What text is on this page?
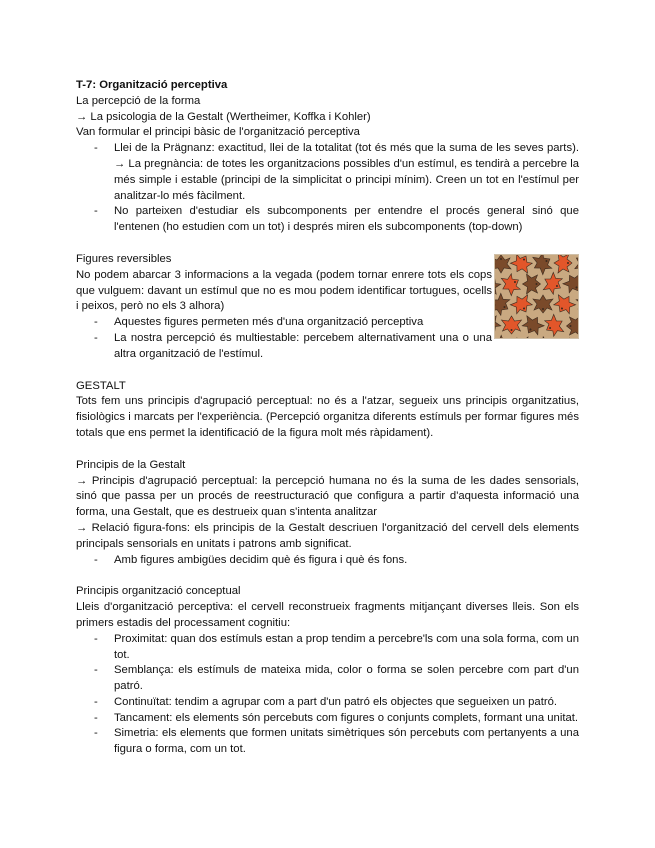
T-7: Organització perceptiva

La percepció de la forma

→ La psicologia de la Gestalt (Wertheimer, Koffka i Kohler)

Van formular el principi bàsic de l'organització perceptiva

- Llei de la Prägnanz: exactitud, llei de la totalitat (tot és més que la suma de les seves parts). → La pregnància: de totes les organitzacions possibles d'un estímul, es tendirà a percebre la més simple i estable (principi de la simplicitat o principi mínim). Creen un tot en l'estímul per analitzar-lo més fàcilment.
- No parteixen d'estudiar els subcomponents per entendre el procés general sinó que l'entenen (ho estudien com un tot) i després miren els subcomponents (top-down)

Figures reversibles

No podem abarcar 3 informacions a la vegada (podem tornar enrere tots els cops que vulguem: davant un estímul que no es mou podem identificar tortugues, ocells i peixos, però no els 3 alhora)

- Aquestes figures permeten més d'una organització perceptiva
- La nostra percepció és multiestable: percebem alternativament una o una altra organització de l'estímul.

GESTALT

Tots fem uns principis d'agrupació perceptual: no és a l'atzar, segueix uns principis organitzatius, fisiològics i marcats per l'experiència. (Percepció organitza diferents estímuls per formar figures més totals que ens permet la identificació de la figura molt més ràpidament).

Principis de la Gestalt

→ Principis d'agrupació perceptual: la percepció humana no és la suma de les dades sensorials, sinó que passa per un procés de reestructuració que configura a partir d'aquesta informació una forma, una Gestalt, que es destrueix quan s'intenta analitzar

→ Relació figura-fons: els principis de la Gestalt descriuen l'organització del cervell dels elements principals sensorials en unitats i patrons amb significat.

- Amb figures ambigües decidim què és figura i què és fons.

Principis organització conceptual

Lleis d'organització perceptiva: el cervell reconstrueix fragments mitjançant diverses lleis. Son els primers estadis del processament cognitiu:

- Proximitat: quan dos estímuls estan a prop tendim a percebre'ls com una sola forma, com un tot.
- Semblança: els estímuls de mateixa mida, color o forma se solen percebre com part d'un patró.
- Continuïtat: tendim a agrupar com a part d'un patró els objectes que segueixen un patró.
- Tancament: els elements són percebuts com figures o conjunts complets, formant una unitat.
- Simetria: els elements que formen unitats simètriques són percebuts com pertanyents a una figura o forma, com un tot.
